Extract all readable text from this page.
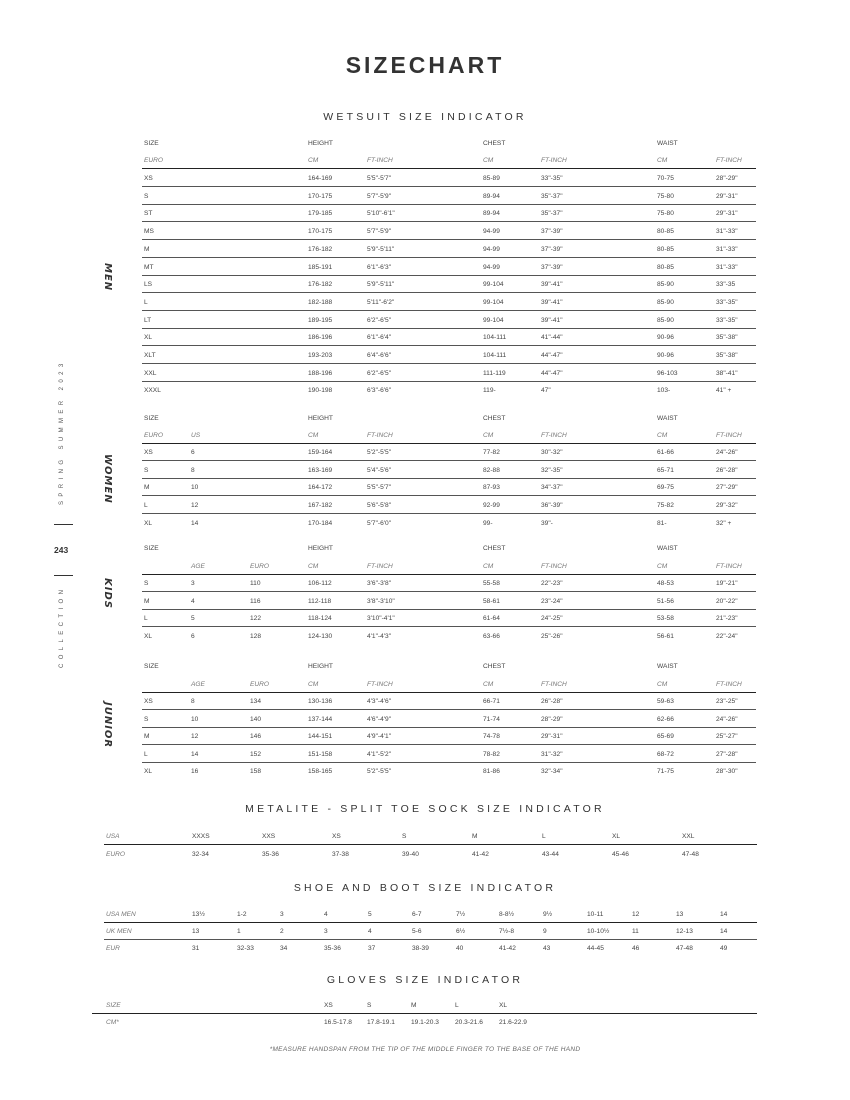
SIZECHART
SPRING SUMMER 2023
243
COLLECTION
WETSUIT SIZE INDICATOR
SIZE	HEIGHT	CHEST	WAIST
EURO	CM	FT-INCH	CM	FT-INCH	CM	FT-INCH
XS	164-169	5'5"-5'7"	85-89	33"-35"	70-75	28"-29"
S	170-175	5'7"-5'9"	89-94	35"-37"	75-80	29"-31"
ST	179-185	5'10"-6'1"	89-94	35"-37"	75-80	29"-31"
MS	170-175	5'7"-5'9"	94-99	37"-39"	80-85	31"-33"
M	176-182	5'9"-5'11"	94-99	37"-39"	80-85	31"-33"
MT	185-191	6'1"-6'3"	94-99	37"-39"	80-85	31"-33"
LS	176-182	5'9"-5'11"	99-104	39"-41"	85-90	33"-35
L	182-188	5'11"-6'2"	99-104	39"-41"	85-90	33"-35"
LT	189-195	6'2"-6'5"	99-104	39"-41"	85-90	33"-35"
XL	186-196	6'1"-6'4"	104-111	41"-44"	90-96	35"-38"
XLT	193-203	6'4"-6'6"	104-111	44"-47"	90-96	35"-38"
XXL	188-196	6'2"-6'5"	111-119	44"-47"	96-103	38"-41"
XXXL	190-198	6'3"-6'6"	119-	47"	103-	41" +
MEN
SIZE	HEIGHT	CHEST	WAIST
EURO	US	CM	FT-INCH	CM	FT-INCH	CM	FT-INCH
XS	6	159-164	5'2"-5'5"	77-82	30"-32"	61-66	24"-26"
S	8	163-169	5'4"-5'6"	82-88	32"-35"	65-71	26"-28"
M	10	164-172	5'5"-5'7"	87-93	34"-37"	69-75	27"-29"
L	12	167-182	5'6"-5'8"	92-99	36"-39"	75-82	29"-32"
XL	14	170-184	5'7"-6'0"	99-	39"-	81-	32" +
WOMEN
SIZE	HEIGHT	CHEST	WAIST
AGE	EURO	CM	FT-INCH	CM	FT-INCH	CM	FT-INCH
S	3	110	106-112	3'6"-3'8"	55-58	22"-23"	48-53	19"-21"
M	4	116	112-118	3'8"-3'10"	58-61	23"-24"	51-56	20"-22"
L	5	122	118-124	3'10"-4'1"	61-64	24"-25"	53-58	21"-23"
XL	6	128	124-130	4'1"-4'3"	63-66	25"-26"	56-61	22"-24"
KIDS
SIZE	HEIGHT	CHEST	WAIST
AGE	EURO	CM	FT-INCH	CM	FT-INCH	CM	FT-INCH
XS	8	134	130-136	4'3"-4'6"	66-71	26"-28"	59-63	23"-25"
S	10	140	137-144	4'6"-4'9"	71-74	28"-29"	62-66	24"-26"
M	12	146	144-151	4'9"-4'1"	74-78	29"-31"	65-69	25"-27"
L	14	152	151-158	4'1"-5'2"	78-82	31"-32"	68-72	27"-28"
XL	16	158	158-165	5'2"-5'5"	81-86	32"-34"	71-75	28"-30"
JUNIOR
METALITE - SPLIT TOE SOCK SIZE INDICATOR
USA	XXXS	XXS	XS	S	M	L	XL	XXL
EURO	32-34	35-36	37-38	39-40	41-42	43-44	45-46	47-48
SHOE AND BOOT SIZE INDICATOR
USA MEN	13½	1-2	3	4	5	6-7	7½	8-8½	9½	10-11	12	13	14
UK MEN	13	1	2	3	4	5-6	6½	7½-8	9	10-10½	11	12-13	14
EUR	31	32-33	34	35-36	37	38-39	40	41-42	43	44-45	46	47-48	49
GLOVES SIZE INDICATOR
SIZE	XS	S	M	L	XL
CM*	16.5-17.8 17.8-19.1 19.1-20.3 20.3-21.6 21.6-22.9
*MEASURE HANDSPAN FROM THE TIP OF THE MIDDLE FINGER TO THE BASE OF THE HAND
